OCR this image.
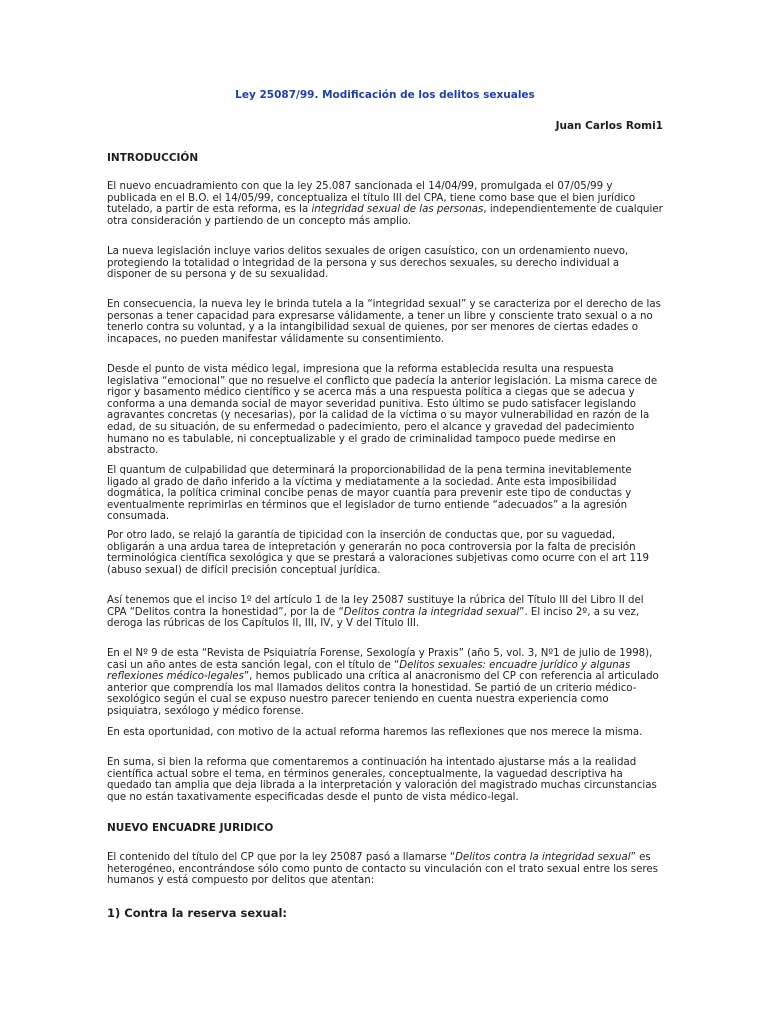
Ley 25087/99. Modificación de los delitos sexuales

Juan Carlos Romi1

INTRODUCCIÓN

El nuevo encuadramiento con que la ley 25.087 sancionada el 14/04/99, promulgada el 07/05/99 y publicada en el B.O. el 14/05/99, conceptualiza el título III del CPA, tiene como base que el bien jurídico tutelado, a partir de esta reforma, es la integridad sexual de las personas, independientemente de cualquier otra consideración y partiendo de un concepto más amplio.

La nueva legislación incluye varios delitos sexuales de origen casuístico, con un ordenamiento nuevo, protegiendo la totalidad o integridad de la persona y sus derechos sexuales, su derecho individual a disponer de su persona y de su sexualidad.

En consecuencia, la nueva ley le brinda tutela a la “integridad sexual” y se caracteriza por el derecho de las personas a tener capacidad para expresarse válidamente, a tener un libre y consciente trato sexual o a no tenerlo contra su voluntad, y a la intangibilidad sexual de quienes, por ser menores de ciertas edades o incapaces, no pueden manifestar válidamente su consentimiento.

Desde el punto de vista médico legal, impresiona que la reforma establecida resulta una respuesta legislativa “emocional” que no resuelve el conflicto que padecía la anterior legislación. La misma carece de rigor y basamento médico científico y se acerca más a una respuesta política a ciegas que se adecua y conforma a una demanda social de mayor severidad punitiva. Esto último se pudo satisfacer legislando agravantes concretas (y necesarias), por la calidad de la víctima o su mayor vulnerabilidad en razón de la edad, de su situación, de su enfermedad o padecimiento, pero el alcance y gravedad del padecimiento humano no es tabulable, ni conceptualizable y el grado de criminalidad tampoco puede medirse en abstracto.

El quantum de culpabilidad que determinará la proporcionabilidad de la pena termina inevitablemente ligado al grado de daño inferido a la víctima y mediatamente a la sociedad. Ante esta imposibilidad dogmática, la política criminal concibe penas de mayor cuantía para prevenir este tipo de conductas y eventualmente reprimirlas en términos que el legislador de turno entiende “adecuados” a la agresión consumada.

Por otro lado, se relajó la garantía de tipicidad con la inserción de conductas que, por su vaguedad, obligarán a una ardua tarea de intepretación y generarán no poca controversia por la falta de precisión terminológica científica sexológica y que se prestará a valoraciones subjetivas como ocurre con el art 119 (abuso sexual) de difícil precisión conceptual jurídica.

Así tenemos que el inciso 1º del artículo 1 de la ley 25087 sustituye la rúbrica del Título III del Libro II del CPA “Delitos contra la honestidad”, por la de “Delitos contra la integridad sexual”. El inciso 2º, a su vez, deroga las rúbricas de los Capítulos II, III, IV, y V del Título III.

En el Nº 9 de esta “Revista de Psiquiatría Forense, Sexología y Praxis” (año 5, vol. 3, Nº1 de julio de 1998), casi un año antes de esta sanción legal, con el título de “Delitos sexuales: encuadre jurídico y algunas reflexiones médico-legales”, hemos publicado una crítica al anacronismo del CP con referencia al articulado anterior que comprendía los mal llamados delitos contra la honestidad. Se partió de un criterio médico-sexológico según el cual se expuso nuestro parecer teniendo en cuenta nuestra experiencia como psiquiatra, sexólogo y médico forense.

En esta oportunidad, con motivo de la actual reforma haremos las reflexiones que nos merece la misma.

En suma, si bien la reforma que comentaremos a continuación ha intentado ajustarse más a la realidad científica actual sobre el tema, en términos generales, conceptualmente, la vaguedad descriptiva ha quedado tan amplia que deja librada a la interpretación y valoración del magistrado muchas circunstancias que no están taxativamente especificadas desde el punto de vista médico-legal.

NUEVO ENCUADRE JURIDICO

El contenido del título del CP que por la ley 25087 pasó a llamarse “Delitos contra la integridad sexual” es heterogéneo, encontrándose sólo como punto de contacto su vinculación con el trato sexual entre los seres humanos y está compuesto por delitos que atentan:

1) Contra la reserva sexual:
